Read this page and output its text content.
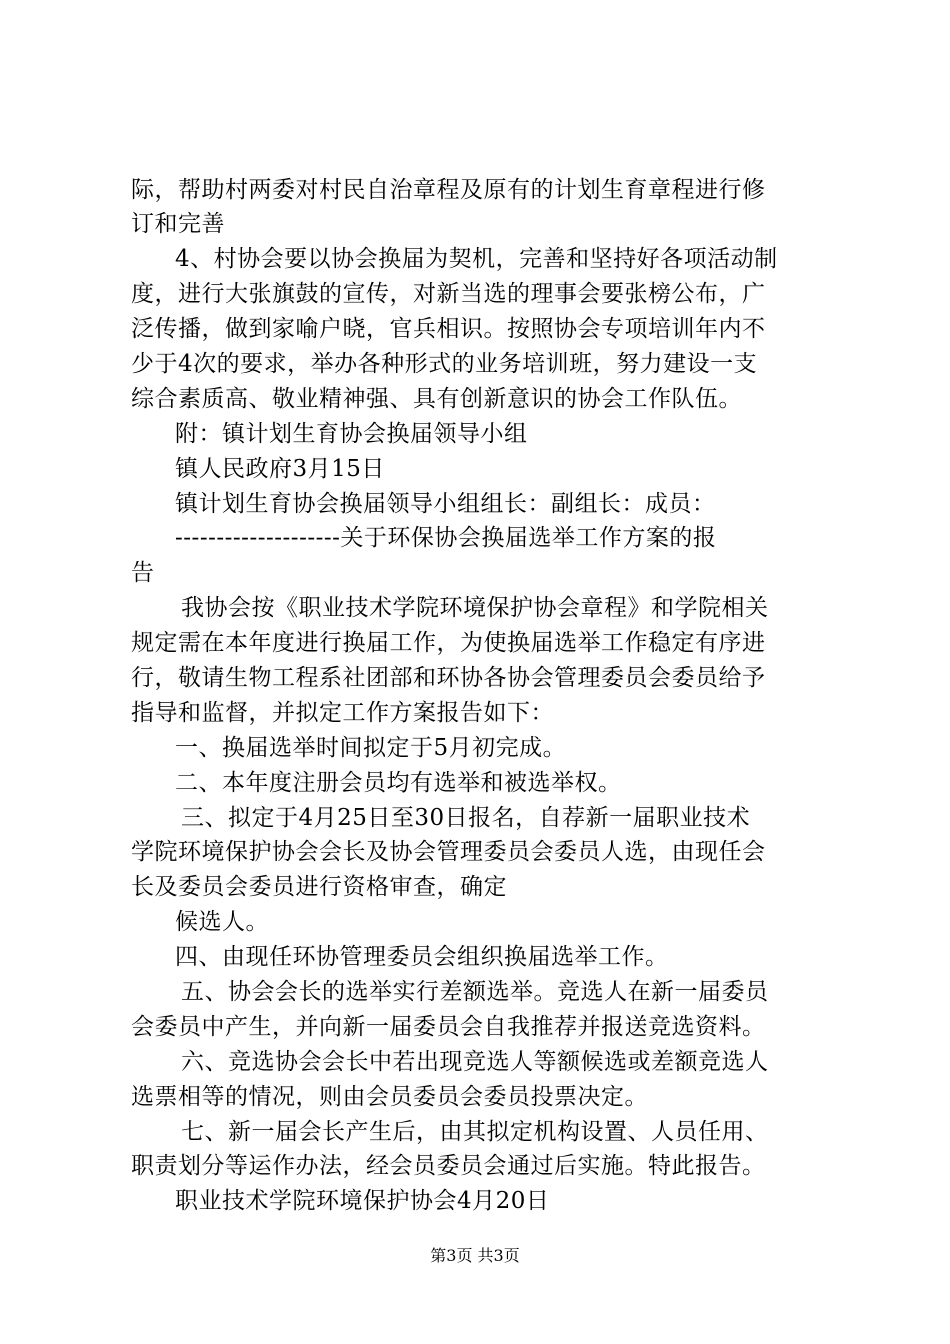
际，帮助村两委对村民自治章程及原有的计划生育章程进行修
订和完善
4、村协会要以协会换届为契机，完善和坚持好各项活动制
度，进行大张旗鼓的宣传，对新当选的理事会要张榜公布，广
泛传播，做到家喻户晓，官兵相识。按照协会专项培训年内不
少于4次的要求，举办各种形式的业务培训班，努力建设一支
综合素质高、敬业精神强、具有创新意识的协会工作队伍。
附：镇计划生育协会换届领导小组
镇人民政府3月15日
镇计划生育协会换届领导小组组长：副组长：成员：
--------------------关于环保协会换届选举工作方案的报
告
我协会按《职业技术学院环境保护协会章程》和学院相关
规定需在本年度进行换届工作，为使换届选举工作稳定有序进
行，敬请生物工程系社团部和环协各协会管理委员会委员给予
指导和监督，并拟定工作方案报告如下：
一、换届选举时间拟定于5月初完成。
二、本年度注册会员均有选举和被选举权。
三、拟定于4月25日至30日报名，自荐新一届职业技术
学院环境保护协会会长及协会管理委员会委员人选，由现任会
长及委员会委员进行资格审查，确定
候选人。
四、由现任环协管理委员会组织换届选举工作。
五、协会会长的选举实行差额选举。竞选人在新一届委员
会委员中产生，并向新一届委员会自我推荐并报送竞选资料。
六、竞选协会会长中若出现竞选人等额候选或差额竞选人
选票相等的情况，则由会员委员会委员投票决定。
七、新一届会长产生后，由其拟定机构设置、人员任用、
职责划分等运作办法，经会员委员会通过后实施。特此报告。
职业技术学院环境保护协会4月20日
第3页 共3页
